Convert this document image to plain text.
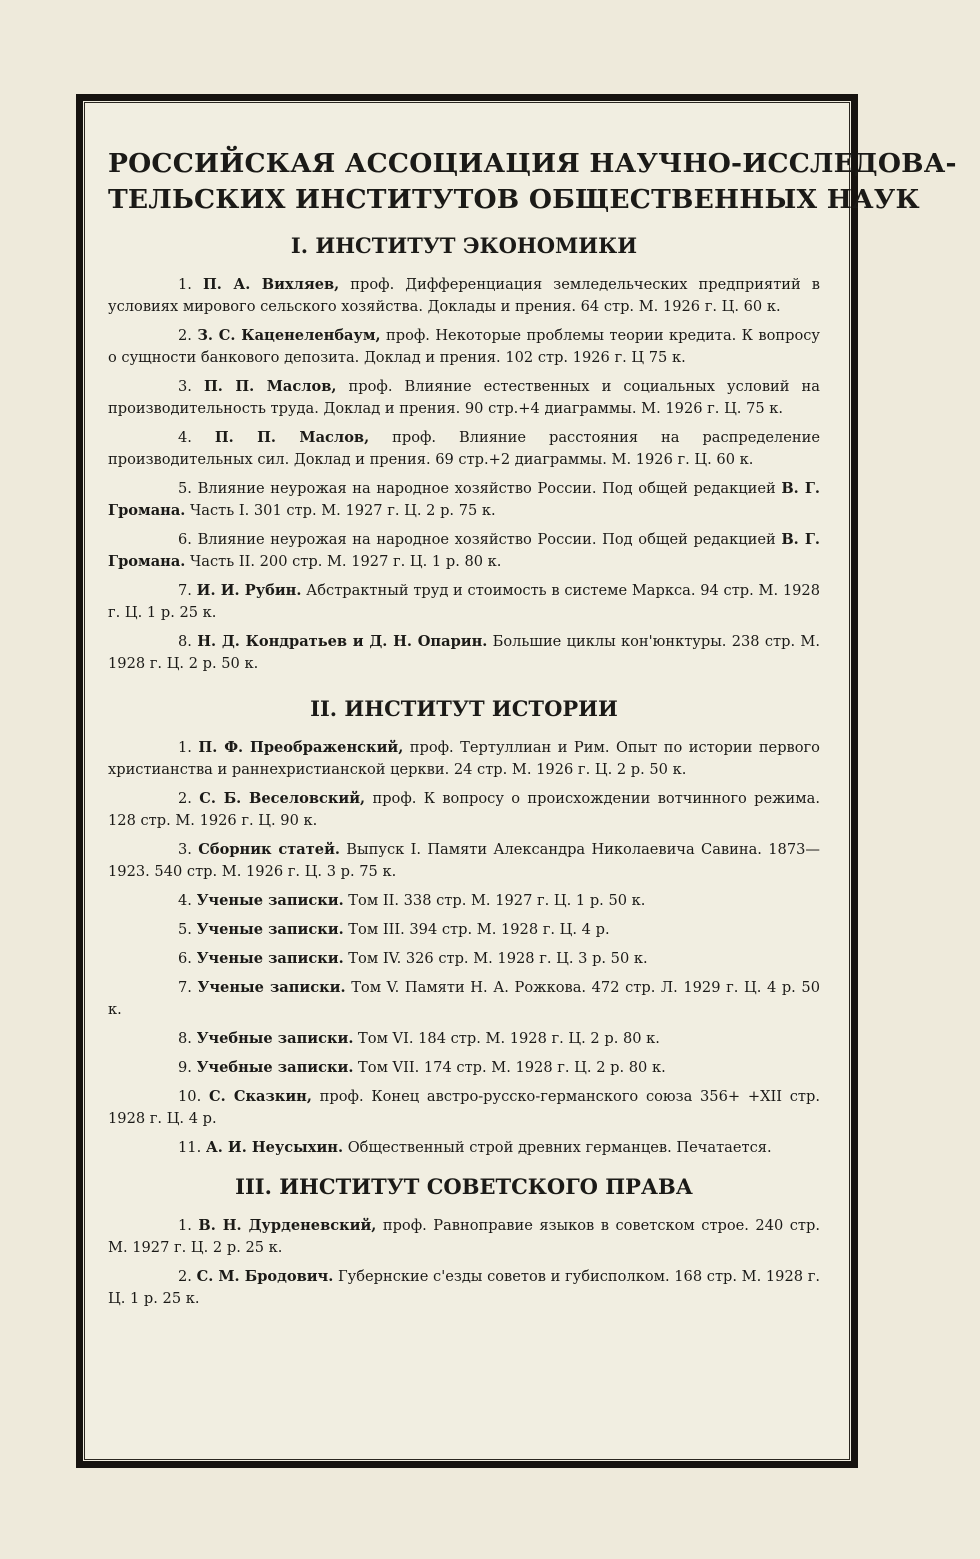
РОССИЙСКАЯ АССОЦИАЦИЯ НАУЧНО-ИССЛЕДОВА-
ТЕЛЬСКИХ ИНСТИТУТОВ ОБЩЕСТВЕННЫХ НАУК
I. ИНСТИТУТ ЭКОНОМИКИ
1. П. А. Вихляев, проф. Дифференциация земледельческих предприятий в условиях мирового сельского хозяйства. Доклады и прения. 64 стр. М. 1926 г. Ц. 60 к.
2. З. С. Каценеленбаум, проф. Некоторые проблемы теории кредита. К вопросу о сущности банкового депозита. Доклад и прения. 102 стр. 1926 г. Ц 75 к.
3. П. П. Маслов, проф. Влияние естественных и социальных условий на производительность труда. Доклад и прения. 90 стр.+4 диаграммы. М. 1926 г. Ц. 75 к.
4. П. П. Маслов, проф. Влияние расстояния на распределение производительных сил. Доклад и прения. 69 стр.+2 диаграммы. М. 1926 г. Ц. 60 к.
5. Влияние неурожая на народное хозяйство России. Под общей редакцией В. Г. Громана. Часть I. 301 стр. М. 1927 г. Ц. 2 р. 75 к.
6. Влияние неурожая на народное хозяйство России. Под общей редакцией В. Г. Громана. Часть II. 200 стр. М. 1927 г. Ц. 1 р. 80 к.
7. И. И. Рубин. Абстрактный труд и стоимость в системе Маркса. 94 стр. М. 1928 г. Ц. 1 р. 25 к.
8. Н. Д. Кондратьев и Д. Н. Опарин. Большие циклы кон'юнктуры. 238 стр. М. 1928 г. Ц. 2 р. 50 к.
II. ИНСТИТУТ ИСТОРИИ
1. П. Ф. Преображенский, проф. Тертуллиан и Рим. Опыт по истории первого христианства и раннехристианской церкви. 24 стр. М. 1926 г. Ц. 2 р. 50 к.
2. С. Б. Веселовский, проф. К вопросу о происхождении вотчинного режима. 128 стр. М. 1926 г. Ц. 90 к.
3. Сборник статей. Выпуск I. Памяти Александра Николаевича Савина. 1873—1923. 540 стр. М. 1926 г. Ц. 3 р. 75 к.
4. Ученые записки. Том II. 338 стр. М. 1927 г. Ц. 1 р. 50 к.
5. Ученые записки. Том III. 394 стр. М. 1928 г. Ц. 4 р.
6. Ученые записки. Том IV. 326 стр. М. 1928 г. Ц. 3 р. 50 к.
7. Ученые записки. Том V. Памяти Н. А. Рожкова. 472 стр. Л. 1929 г. Ц. 4 р. 50 к.
8. Учебные записки. Том VI. 184 стр. М. 1928 г. Ц. 2 р. 80 к.
9. Учебные записки. Том VII. 174 стр. М. 1928 г. Ц. 2 р. 80 к.
10. С. Сказкин, проф. Конец австро-русско-германского союза 356+ +XII стр. 1928 г. Ц. 4 р.
11. А. И. Неусыхин. Общественный строй древних германцев. Печатается.
III. ИНСТИТУТ СОВЕТСКОГО ПРАВА
1. В. Н. Дурденевский, проф. Равноправие языков в советском строе. 240 стр. М. 1927 г. Ц. 2 р. 25 к.
2. С. М. Бродович. Губернские с'езды советов и губисполком. 168 стр. М. 1928 г. Ц. 1 р. 25 к.
